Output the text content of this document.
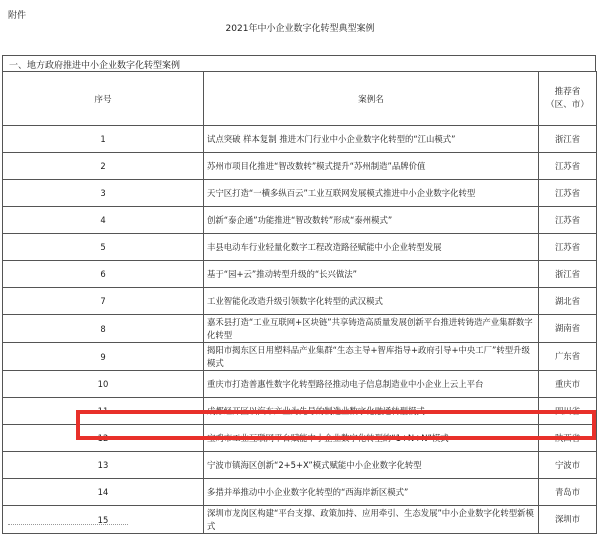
附件
2021年中小企业数字化转型典型案例
一、地方政府推进中小企业数字化转型案例
序号	案例名	推荐省（区、市）
1	试点突破 样本复制 推进木门行业中小企业数字化转型的“江山模式”	浙江省
2	苏州市项目化推进“智改数转”模式提升“苏州制造”品牌价值	江苏省
3	天宁区打造“一横多纵百云”工业互联网发展模式推进中小企业数字化转型	江苏省
4	创新“泰企通”功能推进“智改数转”形成“泰州模式”	江苏省
5	丰县电动车行业轻量化数字工程改造路径赋能中小企业转型发展	江苏省
6	基于“园+云”推动转型升级的“长兴做法”	浙江省
7	工业智能化改造升级引领数字化转型的武汉模式	湖北省
8	嘉禾县打造“工业互联网+区块链”共享铸造高质量发展创新平台推进转铸造产业集群数字化转型	湖南省
9	揭阳市揭东区日用塑料品产业集群“生态主导+智库指导+政府引导+中央工厂”转型升级模式	广东省
10	重庆市打造普惠性数字化转型路径推动电子信息制造业中小企业上云上平台	重庆市
11	成都经开区以汽车产业为先导的制造业数字化融通转型模式	四川省
12	宝鸡市工业互联网平台赋能中小企业数字化转型的“1+N+N”模式	陕西省
13	宁波市镇海区创新“2+5+X”模式赋能中小企业数字化转型	宁波市
14	多措并举推动中小企业数字化转型的“西海岸新区模式”	青岛市
15	深圳市龙岗区构建“平台支撑、政策加持、应用牵引、生态发展”中小企业数字化转型新模式	深圳市
